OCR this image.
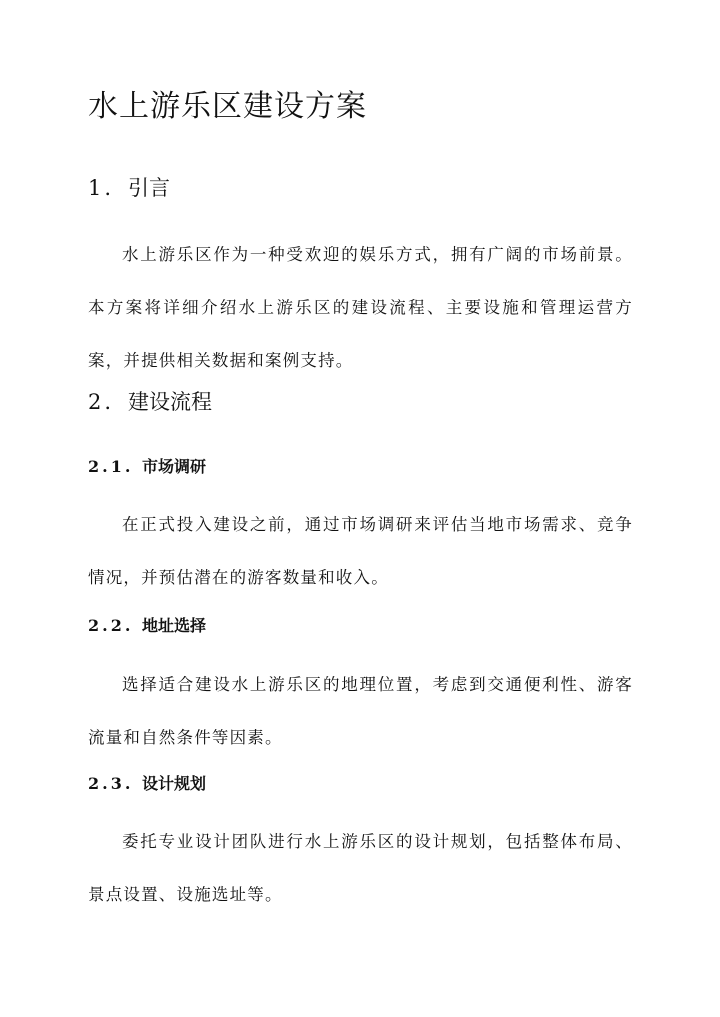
水上游乐区建设方案
1. 引言

水上游乐区作为一种受欢迎的娱乐方式，拥有广阔的市场前景。本方案将详细介绍水上游乐区的建设流程、主要设施和管理运营方案，并提供相关数据和案例支持。

2. 建设流程
2.1. 市场调研

在正式投入建设之前，通过市场调研来评估当地市场需求、竞争情况，并预估潜在的游客数量和收入。

2.2. 地址选择

选择适合建设水上游乐区的地理位置，考虑到交通便利性、游客流量和自然条件等因素。

2.3. 设计规划

委托专业设计团队进行水上游乐区的设计规划，包括整体布局、景点设置、设施选址等。
